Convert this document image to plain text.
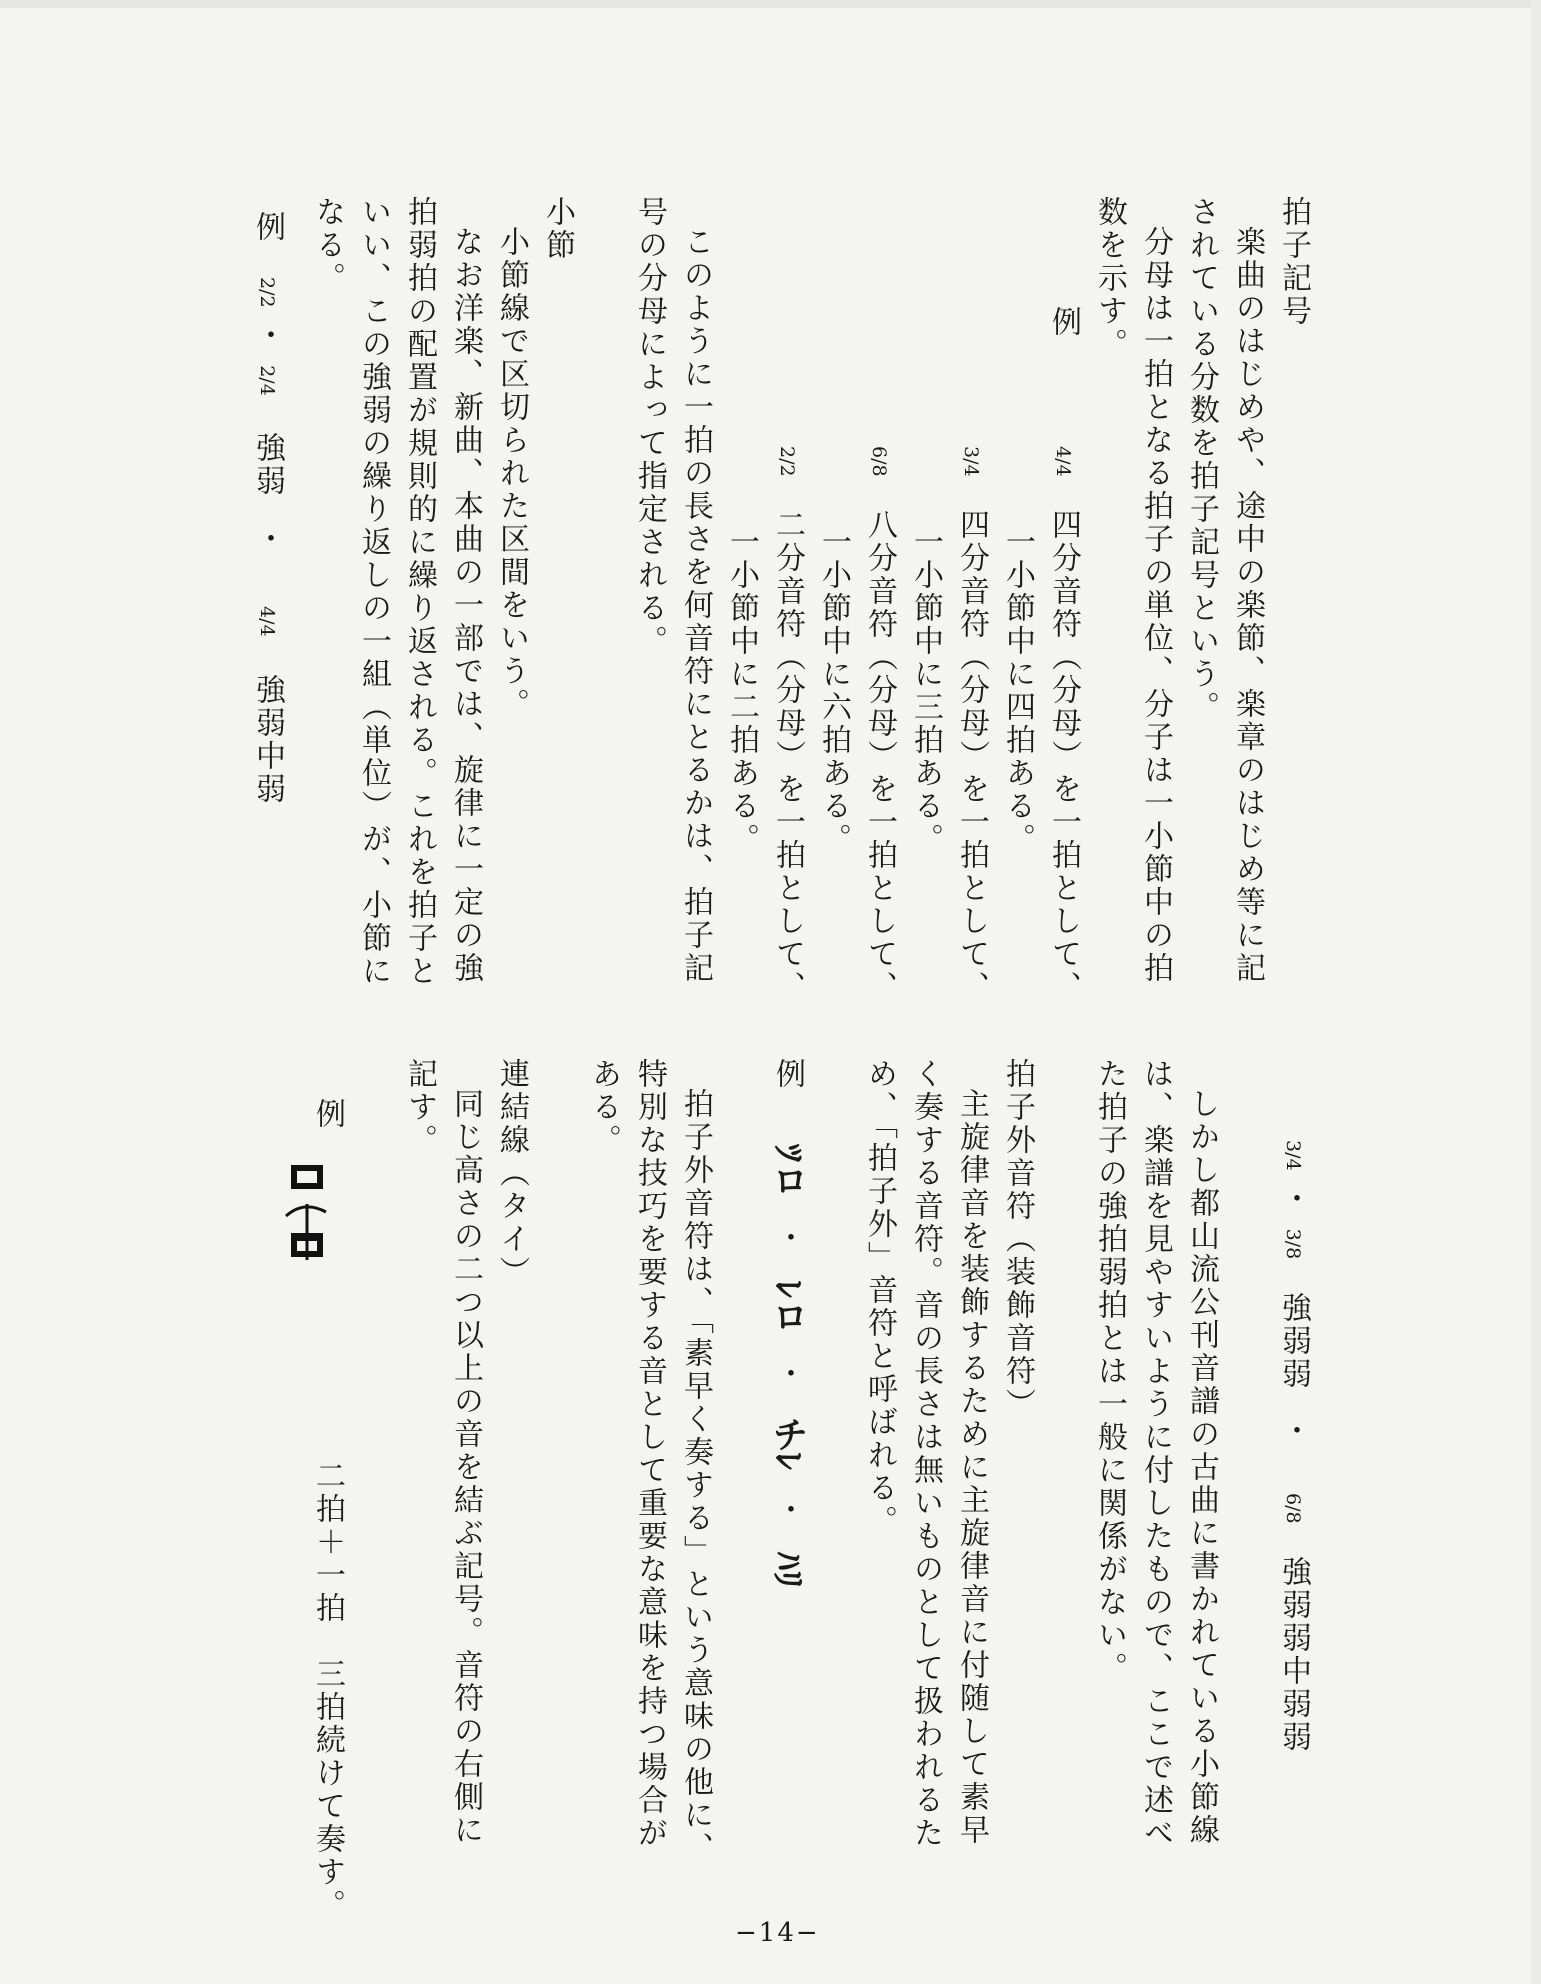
拍子記号
楽曲のはじめや、途中の楽節、楽章のはじめ等に記
されている分数を拍子記号という。
分母は一拍となる拍子の単位、分子は一小節中の拍
数を示す。
例
4/4 四分音符（分母）を一拍として、
一小節中に四拍ある。
3/4 四分音符（分母）を一拍として、
一小節中に三拍ある。
6/8 八分音符（分母）を一拍として、
一小節中に六拍ある。
2/2 二分音符（分母）を一拍として、
一小節中に二拍ある。
このように一拍の長さを何音符にとるかは、拍子記
号の分母によって指定される。
小節
小節線で区切られた区間をいう。
なお洋楽、新曲、本曲の一部では、旋律に一定の強
拍弱拍の配置が規則的に繰り返される。これを拍子と
いい、この強弱の繰り返しの一組（単位）が、小節に
なる。
例 2/2 ・ 2/4 強弱 ・ 4/4 強弱中弱
3/4 ・ 3/8 強弱弱 ・ 6/8 強弱弱中弱弱
しかし都山流公刊音譜の古曲に書かれている小節線
は、楽譜を見やすいように付したもので、ここで述べ
た拍子の強拍弱拍とは一般に関係がない。
拍子外音符（装飾音符）
主旋律音を装飾するために主旋律音に付随して素早
く奏する音符。音の長さは無いものとして扱われるた
め、「拍子外」音符と呼ばれる。
例 ﾂロ ・ ﾚロ ・ チﾚ ・ ﾊﾘ
拍子外音符は、「素早く奏する」という意味の他に、
特別な技巧を要する音として重要な意味を持つ場合が
ある。
連結線（タイ）
同じ高さの二つ以上の音を結ぶ記号。音符の右側に
記す。
例
二拍＋一拍　三拍続けて奏す。
−14−
